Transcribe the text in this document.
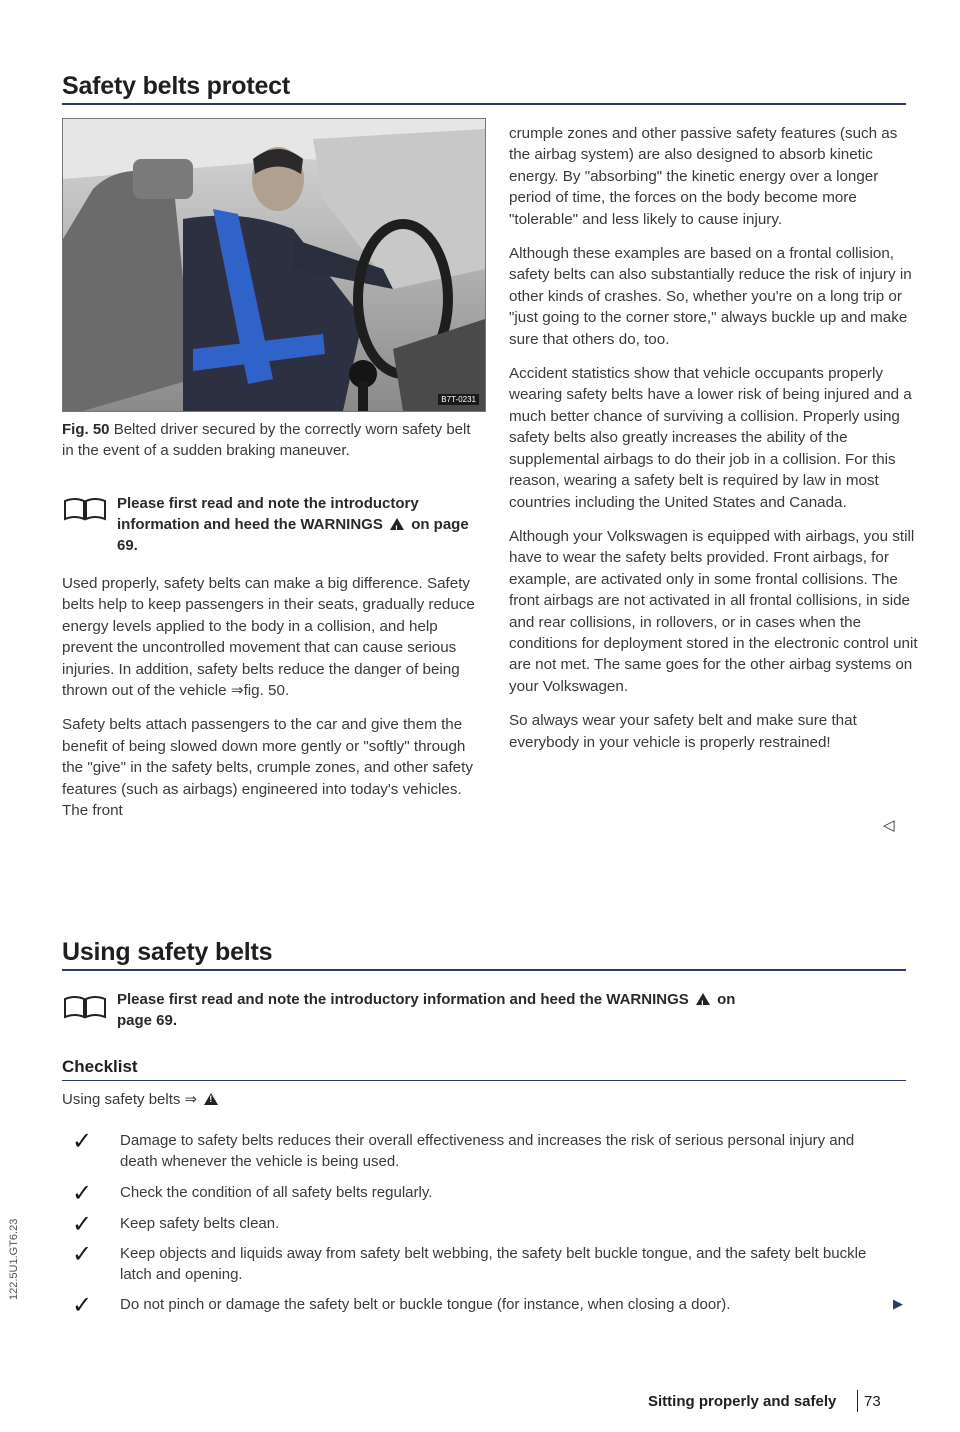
Safety belts protect
B7T-0231
Fig. 50 Belted driver secured by the correctly worn safety belt in the event of a sudden braking maneuver.
Please first read and note the introductory information and heed the WARNINGS ! on page 69.

Used properly, safety belts can make a big difference. Safety belts help to keep passengers in their seats, gradually reduce energy levels applied to the body in a collision, and help prevent the uncontrolled movement that can cause serious injuries. In addition, safety belts reduce the danger of being thrown out of the vehicle ⇒fig. 50.

Safety belts attach passengers to the car and give them the benefit of being slowed down more gently or "softly" through the "give" in the safety belts, crumple zones, and other safety features (such as airbags) engineered into today's vehicles. The front

crumple zones and other passive safety features (such as the airbag system) are also designed to absorb kinetic energy. By "absorbing" the kinetic energy over a longer period of time, the forces on the body become more "tolerable" and less likely to cause injury.

Although these examples are based on a frontal collision, safety belts can also substantially reduce the risk of injury in other kinds of crashes. So, whether you're on a long trip or "just going to the corner store," always buckle up and make sure that others do, too.

Accident statistics show that vehicle occupants properly wearing safety belts have a lower risk of being injured and a much better chance of surviving a collision. Properly using safety belts also greatly increases the ability of the supplemental airbags to do their job in a collision. For this reason, wearing a safety belt is required by law in most countries including the United States and Canada.

Although your Volkswagen is equipped with airbags, you still have to wear the safety belts provided. Front airbags, for example, are activated only in some frontal collisions. The front airbags are not activated in all frontal collisions, in side and rear collisions, in rollovers, or in cases when the conditions for deployment stored in the electronic control unit are not met. The same goes for the other airbag systems on your Volkswagen.

So always wear your safety belt and make sure that everybody in your vehicle is properly restrained!

◁
Using safety belts
Please first read and note the introductory information and heed the WARNINGS ! on
page 69.
Checklist
Using safety belts ⇒ !
✓ Damage to safety belts reduces their overall effectiveness and increases the risk of serious personal injury and death whenever the vehicle is being used.
✓ Check the condition of all safety belts regularly.
✓ Keep safety belts clean.
✓ Keep objects and liquids away from safety belt webbing, the safety belt buckle tongue, and the safety belt buckle latch and opening.
✓ Do not pinch or damage the safety belt or buckle tongue (for instance, when closing a door).	▶
Sitting properly and safely 73
122.5U1.GT6.23
